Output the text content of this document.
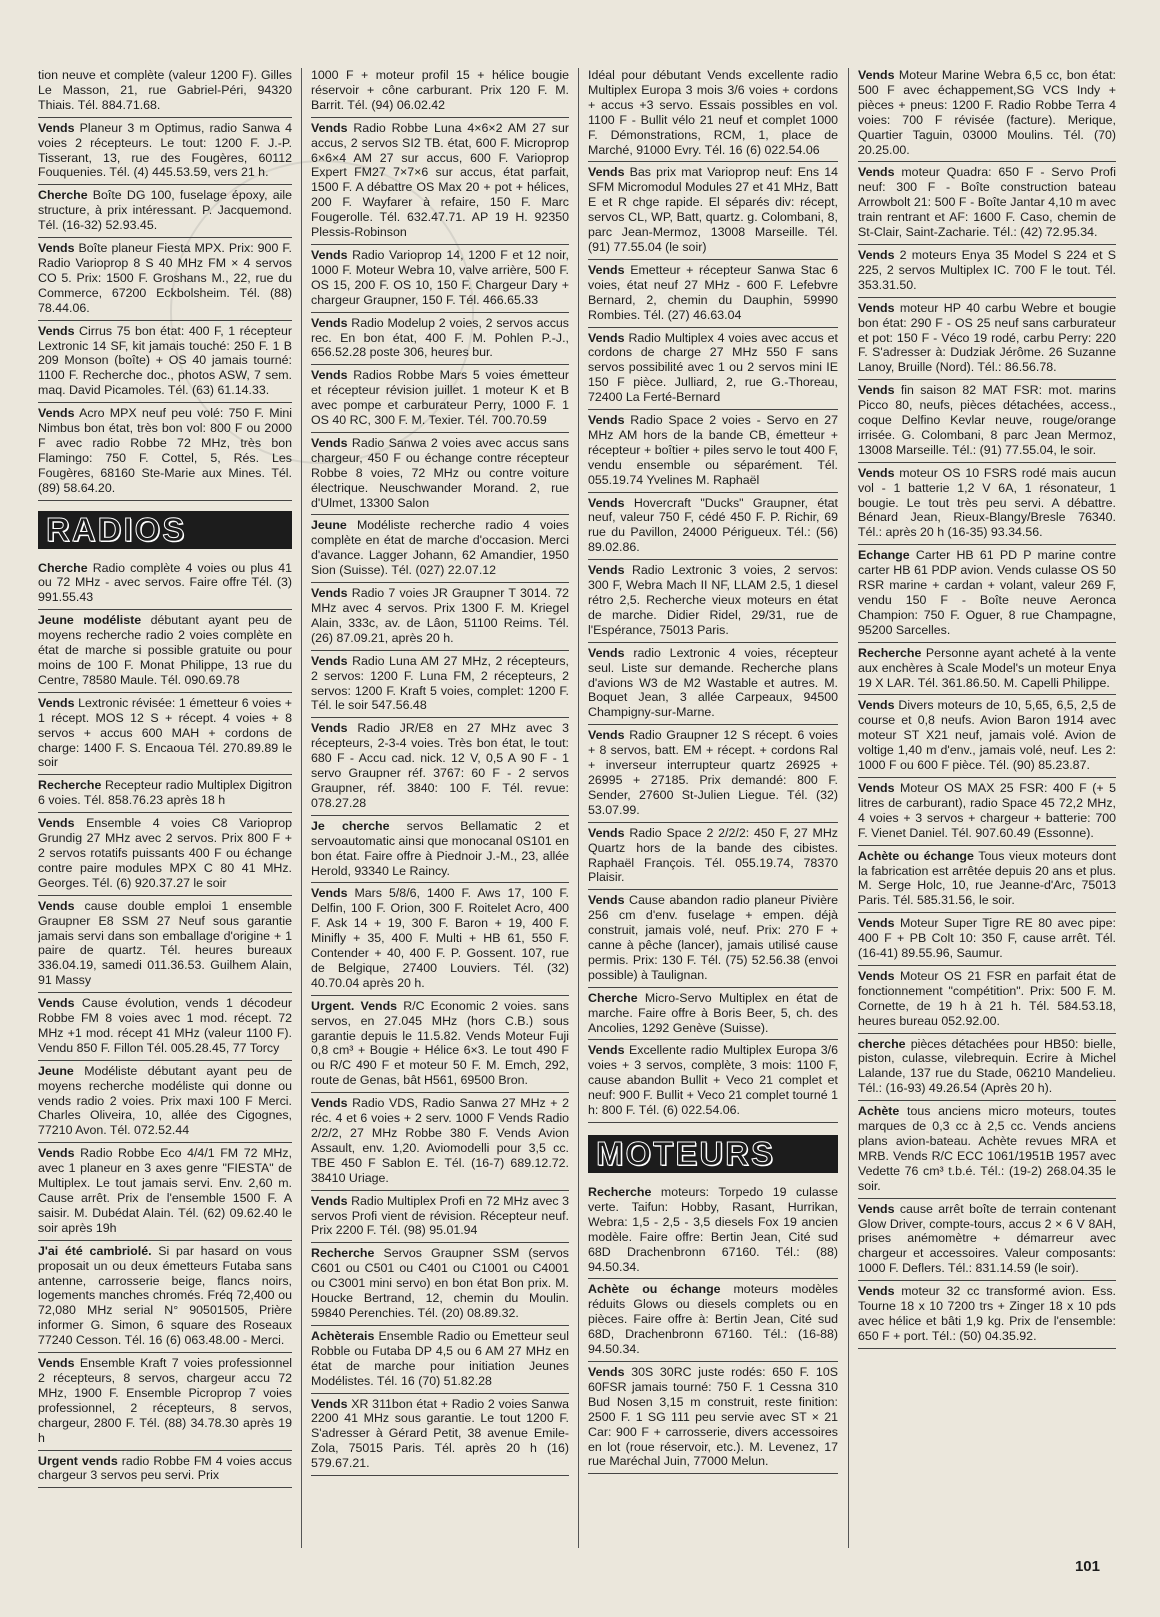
tion neuve et complète (valeur 1200 F). Gilles Le Masson, 21, rue Gabriel-Péri, 94320 Thiais. Tél. 884.71.68.
Vends Planeur 3 m Optimus, radio Sanwa 4 voies 2 récepteurs. Le tout: 1200 F. J.-P. Tisserant, 13, rue des Fougères, 60112 Fouquenies. Tél. (4) 445.53.59, vers 21 h.
Cherche Boîte DG 100, fuselage époxy, aile structure, à prix intéressant. P. Jacquemond. Tél. (16-32) 52.93.45.
Vends Boîte planeur Fiesta MPX. Prix: 900 F. Radio Varioprop 8 S 40 MHz FM × 4 servos CO 5. Prix: 1500 F. Groshans M., 22, rue du Commerce, 67200 Eckbolsheim. Tél. (88) 78.44.06.
Vends Cirrus 75 bon état: 400 F, 1 récepteur Lextronic 14 SF, kit jamais touché: 250 F. 1 B 209 Monson (boîte) + OS 40 jamais tourné: 1100 F. Recherche doc., photos ASW, 7 sem. maq. David Picamoles. Tél. (63) 61.14.33.
Vends Acro MPX neuf peu volé: 750 F. Mini Nimbus bon état, très bon vol: 800 F ou 2000 F avec radio Robbe 72 MHz, très bon Flamingo: 750 F. Cottel, 5, Rés. Les Fougères, 68160 Ste-Marie aux Mines. Tél. (89) 58.64.20.
RADIOS
Cherche Radio complète 4 voies ou plus 41 ou 72 MHz - avec servos. Faire offre Tél. (3) 991.55.43
Jeune modéliste débutant ayant peu de moyens recherche radio 2 voies complète en état de marche si possible gratuite ou pour moins de 100 F. Monat Philippe, 13 rue du Centre, 78580 Maule. Tél. 090.69.78
Vends Lextronic révisée: 1 émetteur 6 voies + 1 récept. MOS 12 S + récept. 4 voies + 8 servos + accus 600 MAH + cordons de charge: 1400 F. S. Encaoua Tél. 270.89.89 le soir
Recherche Recepteur radio Multiplex Digitron 6 voies. Tél. 858.76.23 après 18 h
Vends Ensemble 4 voies C8 Varioprop Grundig 27 MHz avec 2 servos. Prix 800 F + 2 servos rotatifs puissants 400 F ou échange contre paire modules MPX C 80 41 MHz. Georges. Tél. (6) 920.37.27 le soir
Vends cause double emploi 1 ensemble Graupner E8 SSM 27 Neuf sous garantie jamais servi dans son emballage d'origine + 1 paire de quartz. Tél. heures bureaux 336.04.19, samedi 011.36.53. Guilhem Alain, 91 Massy
Vends Cause évolution, vends 1 décodeur Robbe FM 8 voies avec 1 mod. récept. 72 MHz +1 mod. récept 41 MHz (valeur 1100 F). Vendu 850 F. Fillon Tél. 005.28.45, 77 Torcy
Jeune Modéliste débutant ayant peu de moyens recherche modéliste qui donne ou vends radio 2 voies. Prix maxi 100 F Merci. Charles Oliveira, 10, allée des Cigognes, 77210 Avon. Tél. 072.52.44
Vends Radio Robbe Eco 4/4/1 FM 72 MHz, avec 1 planeur en 3 axes genre "FIESTA" de Multiplex. Le tout jamais servi. Env. 2,60 m. Cause arrêt. Prix de l'ensemble 1500 F. A saisir. M. Dubédat Alain. Tél. (62) 09.62.40 le soir après 19h
J'ai été cambriolé. Si par hasard on vous proposait un ou deux émetteurs Futaba sans antenne, carrosserie beige, flancs noirs, logements manches chromés. Fréq 72,400 ou 72,080 MHz serial N° 90501505, Prière informer G. Simon, 6 square des Roseaux 77240 Cesson. Tél. 16 (6) 063.48.00 - Merci.
Vends Ensemble Kraft 7 voies professionnel 2 récepteurs, 8 servos, chargeur accu 72 MHz, 1900 F. Ensemble Picroprop 7 voies professionnel, 2 récepteurs, 8 servos, chargeur, 2800 F. Tél. (88) 34.78.30 après 19 h
Urgent vends radio Robbe FM 4 voies accus chargeur 3 servos peu servi. Prix
1000 F + moteur profil 15 + hélice bougie réservoir + cône carburant. Prix 120 F. M. Barrit. Tél. (94) 06.02.42
Vends Radio Robbe Luna 4×6×2 AM 27 sur accus, 2 servos SI2 TB. état, 600 F. Microprop 6×6×4 AM 27 sur accus, 600 F. Varioprop Expert FM27 7×7×6 sur accus, état parfait, 1500 F. A débattre OS Max 20 + pot + hélices, 200 F. Wayfarer à refaire, 150 F. Marc Fougerolle. Tél. 632.47.71. AP 19 H. 92350 Plessis-Robinson
Vends Radio Varioprop 14, 1200 F et 12 noir, 1000 F. Moteur Webra 10, valve arrière, 500 F. OS 15, 200 F. OS 10, 150 F. Chargeur Dary + chargeur Graupner, 150 F. Tél. 466.65.33
Vends Radio Modelup 2 voies, 2 servos accus rec. En bon état, 400 F. M. Pohlen P.-J., 656.52.28 poste 306, heures bur.
Vends Radios Robbe Mars 5 voies émetteur et récepteur révision juillet. 1 moteur K et B avec pompe et carburateur Perry, 1000 F. 1 OS 40 RC, 300 F. M. Texier. Tél. 700.70.59
Vends Radio Sanwa 2 voies avec accus sans chargeur, 450 F ou échange contre récepteur Robbe 8 voies, 72 MHz ou contre voiture électrique. Neuschwander Morand. 2, rue d'Ulmet, 13300 Salon
Jeune Modéliste recherche radio 4 voies complète en état de marche d'occasion. Merci d'avance. Lagger Johann, 62 Amandier, 1950 Sion (Suisse). Tél. (027) 22.07.12
Vends Radio 7 voies JR Graupner T 3014. 72 MHz avec 4 servos. Prix 1300 F. M. Kriegel Alain, 333c, av. de Lâon, 51100 Reims. Tél. (26) 87.09.21, après 20 h.
Vends Radio Luna AM 27 MHz, 2 récepteurs, 2 servos: 1200 F. Luna FM, 2 récepteurs, 2 servos: 1200 F. Kraft 5 voies, complet: 1200 F. Tél. le soir 547.56.48
Vends Radio JR/E8 en 27 MHz avec 3 récepteurs, 2-3-4 voies. Très bon état, le tout: 680 F - Accu cad. nick. 12 V, 0,5 A 90 F - 1 servo Graupner réf. 3767: 60 F - 2 servos Graupner, réf. 3840: 100 F. Tél. revue: 078.27.28
Je cherche servos Bellamatic 2 et servoautomatic ainsi que monocanal 0S101 en bon état. Faire offre à Piednoir J.-M., 23, allée Herold, 93340 Le Raincy.
Vends Mars 5/8/6, 1400 F. Aws 17, 100 F. Delfin, 100 F. Orion, 300 F. Roitelet Acro, 400 F. Ask 14 + 19, 300 F. Baron + 19, 400 F. Minifly + 35, 400 F. Multi + HB 61, 550 F. Contender + 40, 400 F. P. Gossent. 107, rue de Belgique, 27400 Louviers. Tél. (32) 40.70.04 après 20 h.
Urgent. Vends R/C Economic 2 voies. sans servos, en 27.045 MHz (hors C.B.) sous garantie depuis le 11.5.82. Vends Moteur Fuji 0,8 cm³ + Bougie + Hélice 6×3. Le tout 490 F ou R/C 490 F et moteur 50 F. M. Emch, 292, route de Genas, bât H561, 69500 Bron.
Vends Radio VDS, Radio Sanwa 27 MHz + 2 réc. 4 et 6 voies + 2 serv. 1000 F Vends Radio 2/2/2, 27 MHz Robbe 380 F. Vends Avion Assault, env. 1,20. Aviomodelli pour 3,5 cc. TBE 450 F Sablon E. Tél. (16-7) 689.12.72. 38410 Uriage.
Vends Radio Multiplex Profi en 72 MHz avec 3 servos Profi vient de révision. Récepteur neuf. Prix 2200 F. Tél. (98) 95.01.94
Recherche Servos Graupner SSM (servos C601 ou C501 ou C401 ou C1001 ou C4001 ou C3001 mini servo) en bon état Bon prix. M. Houcke Bertrand, 12, chemin du Moulin. 59840 Perenchies. Tél. (20) 08.89.32.
Achèterais Ensemble Radio ou Emetteur seul Robble ou Futaba DP 4,5 ou 6 AM 27 MHz en état de marche pour initiation Jeunes Modélistes. Tél. 16 (70) 51.82.28
Vends XR 311bon état + Radio 2 voies Sanwa 2200 41 MHz sous garantie. Le tout 1200 F. S'adresser à Gérard Petit, 38 avenue Emile-Zola, 75015 Paris. Tél. après 20 h (16) 579.67.21.
Idéal pour débutant Vends excellente radio Multiplex Europa 3 mois 3/6 voies + cordons + accus +3 servo. Essais possibles en vol. 1100 F - Bullit vélo 21 neuf et complet 1000 F. Démonstrations, RCM, 1, place de Marché, 91000 Evry. Tél. 16 (6) 022.54.06
Vends Bas prix mat Varioprop neuf: Ens 14 SFM Micromodul Modules 27 et 41 MHz, Batt E et R chge rapide. El séparés div: récept, servos CL, WP, Batt, quartz. g. Colombani, 8, parc Jean-Mermoz, 13008 Marseille. Tél. (91) 77.55.04 (le soir)
Vends Emetteur + récepteur Sanwa Stac 6 voies, état neuf 27 MHz - 600 F. Lefebvre Bernard, 2, chemin du Dauphin, 59990 Rombies. Tél. (27) 46.63.04
Vends Radio Multiplex 4 voies avec accus et cordons de charge 27 MHz 550 F sans servos possibilité avec 1 ou 2 servos mini IE 150 F pièce. Julliard, 2, rue G.-Thoreau, 72400 La Ferté-Bernard
Vends Radio Space 2 voies - Servo en 27 MHz AM hors de la bande CB, émetteur + récepteur + boîtier + piles servo le tout 400 F, vendu ensemble ou séparément. Tél. 055.19.74 Yvelines M. Raphaël
Vends Hovercraft "Ducks" Graupner, état neuf, valeur 750 F, cédé 450 F. P. Richir, 69 rue du Pavillon, 24000 Périgueux. Tél.: (56) 89.02.86.
Vends Radio Lextronic 3 voies, 2 servos: 300 F, Webra Mach II NF, LLAM 2.5, 1 diesel rétro 2,5. Recherche vieux moteurs en état de marche. Didier Ridel, 29/31, rue de l'Espérance, 75013 Paris.
Vends radio Lextronic 4 voies, récepteur seul. Liste sur demande. Recherche plans d'avions W3 de M2 Wastable et autres. M. Boquet Jean, 3 allée Carpeaux, 94500 Champigny-sur-Marne.
Vends Radio Graupner 12 S récept. 6 voies + 8 servos, batt. EM + récept. + cordons Ral + inverseur interrupteur quartz 26925 + 26995 + 27185. Prix demandé: 800 F. Sender, 27600 St-Julien Liegue. Tél. (32) 53.07.99.
Vends Radio Space 2 2/2/2: 450 F, 27 MHz Quartz hors de la bande des cibistes. Raphaël François. Tél. 055.19.74, 78370 Plaisir.
Vends Cause abandon radio planeur Pivière 256 cm d'env. fuselage + empen. déjà construit, jamais volé, neuf. Prix: 270 F + canne à pêche (lancer), jamais utilisé cause permis. Prix: 130 F. Tél. (75) 52.56.38 (envoi possible) à Taulignan.
Cherche Micro-Servo Multiplex en état de marche. Faire offre à Boris Beer, 5, ch. des Ancolies, 1292 Genève (Suisse).
Vends Excellente radio Multiplex Europa 3/6 voies + 3 servos, complète, 3 mois: 1100 F, cause abandon Bullit + Veco 21 complet et neuf: 900 F. Bullit + Veco 21 complet tourné 1 h: 800 F. Tél. (6) 022.54.06.
MOTEURS
Recherche moteurs: Torpedo 19 culasse verte. Taifun: Hobby, Rasant, Hurrikan, Webra: 1,5 - 2,5 - 3,5 diesels Fox 19 ancien modèle. Faire offre: Bertin Jean, Cité sud 68D Drachenbronn 67160. Tél.: (88) 94.50.34.
Achète ou échange moteurs modèles réduits Glows ou diesels complets ou en pièces. Faire offre à: Bertin Jean, Cité sud 68D, Drachenbronn 67160. Tél.: (16-88) 94.50.34.
Vends 30S 30RC juste rodés: 650 F. 10S 60FSR jamais tourné: 750 F. 1 Cessna 310 Bud Nosen 3,15 m construit, reste finition: 2500 F. 1 SG 111 peu servie avec ST × 21 Car: 900 F + carrosserie, divers accessoires en lot (roue réservoir, etc.). M. Levenez, 17 rue Maréchal Juin, 77000 Melun.
Vends Moteur Marine Webra 6,5 cc, bon état: 500 F avec échappement,SG VCS Indy + pièces + pneus: 1200 F. Radio Robbe Terra 4 voies: 700 F révisée (facture). Merique, Quartier Taguin, 03000 Moulins. Tél. (70) 20.25.00.
Vends moteur Quadra: 650 F - Servo Profi neuf: 300 F - Boîte construction bateau Arrowbolt 21: 500 F - Boîte Jantar 4,10 m avec train rentrant et AF: 1600 F. Caso, chemin de St-Clair, Saint-Zacharie. Tél.: (42) 72.95.34.
Vends 2 moteurs Enya 35 Model S 224 et S 225, 2 servos Multiplex IC. 700 F le tout. Tél. 353.31.50.
Vends moteur HP 40 carbu Webre et bougie bon état: 290 F - OS 25 neuf sans carburateur et pot: 150 F - Véco 19 rodé, carbu Perry: 220 F. S'adresser à: Dudziak Jérôme. 26 Suzanne Lanoy, Bruille (Nord). Tél.: 86.56.78.
Vends fin saison 82 MAT FSR: mot. marins Picco 80, neufs, pièces détachées, access., coque Delfino Kevlar neuve, rouge/orange irrisée. G. Colombani, 8 parc Jean Mermoz, 13008 Marseille. Tél.: (91) 77.55.04, le soir.
Vends moteur OS 10 FSRS rodé mais aucun vol - 1 batterie 1,2 V 6A, 1 résonateur, 1 bougie. Le tout très peu servi. A débattre. Bénard Jean, Rieux-Blangy/Bresle 76340. Tél.: après 20 h (16-35) 93.34.56.
Echange Carter HB 61 PD P marine contre carter HB 61 PDP avion. Vends culasse OS 50 RSR marine + cardan + volant, valeur 269 F, vendu 150 F - Boîte neuve Aeronca Champion: 750 F. Oguer, 8 rue Champagne, 95200 Sarcelles.
Recherche Personne ayant acheté à la vente aux enchères à Scale Model's un moteur Enya 19 X LAR. Tél. 361.86.50. M. Capelli Philippe.
Vends Divers moteurs de 10, 5,65, 6,5, 2,5 de course et 0,8 neufs. Avion Baron 1914 avec moteur ST X21 neuf, jamais volé. Avion de voltige 1,40 m d'env., jamais volé, neuf. Les 2: 1000 F ou 600 F pièce. Tél. (90) 85.23.87.
Vends Moteur OS MAX 25 FSR: 400 F (+ 5 litres de carburant), radio Space 45 72,2 MHz, 4 voies + 3 servos + chargeur + batterie: 700 F. Vienet Daniel. Tél. 907.60.49 (Essonne).
Achète ou échange Tous vieux moteurs dont la fabrication est arrêtée depuis 20 ans et plus. M. Serge Holc, 10, rue Jeanne-d'Arc, 75013 Paris. Tél. 585.31.56, le soir.
Vends Moteur Super Tigre RE 80 avec pipe: 400 F + PB Colt 10: 350 F, cause arrêt. Tél. (16-41) 89.55.96, Saumur.
Vends Moteur OS 21 FSR en parfait état de fonctionnement "compétition". Prix: 500 F. M. Cornette, de 19 h à 21 h. Tél. 584.53.18, heures bureau 052.92.00.
cherche pièces détachées pour HB50: bielle, piston, culasse, vilebrequin. Ecrire à Michel Lalande, 137 rue du Stade, 06210 Mandelieu. Tél.: (16-93) 49.26.54 (Après 20 h).
Achète tous anciens micro moteurs, toutes marques de 0,3 cc à 2,5 cc. Vends anciens plans avion-bateau. Achète revues MRA et MRB. Vends R/C ECC 1061/1951B 1957 avec Vedette 76 cm³ t.b.é. Tél.: (19-2) 268.04.35 le soir.
Vends cause arrêt boîte de terrain contenant Glow Driver, compte-tours, accus 2 × 6 V 8AH, prises anémomètre + démarreur avec chargeur et accessoires. Valeur composants: 1000 F. Deflers. Tél.: 831.14.59 (le soir).
Vends moteur 32 cc transformé avion. Ess. Tourne 18 x 10 7200 trs + Zinger 18 x 10 pds avec hélice et bâti 1,9 kg. Prix de l'ensemble: 650 F + port. Tél.: (50) 04.35.92.
101
